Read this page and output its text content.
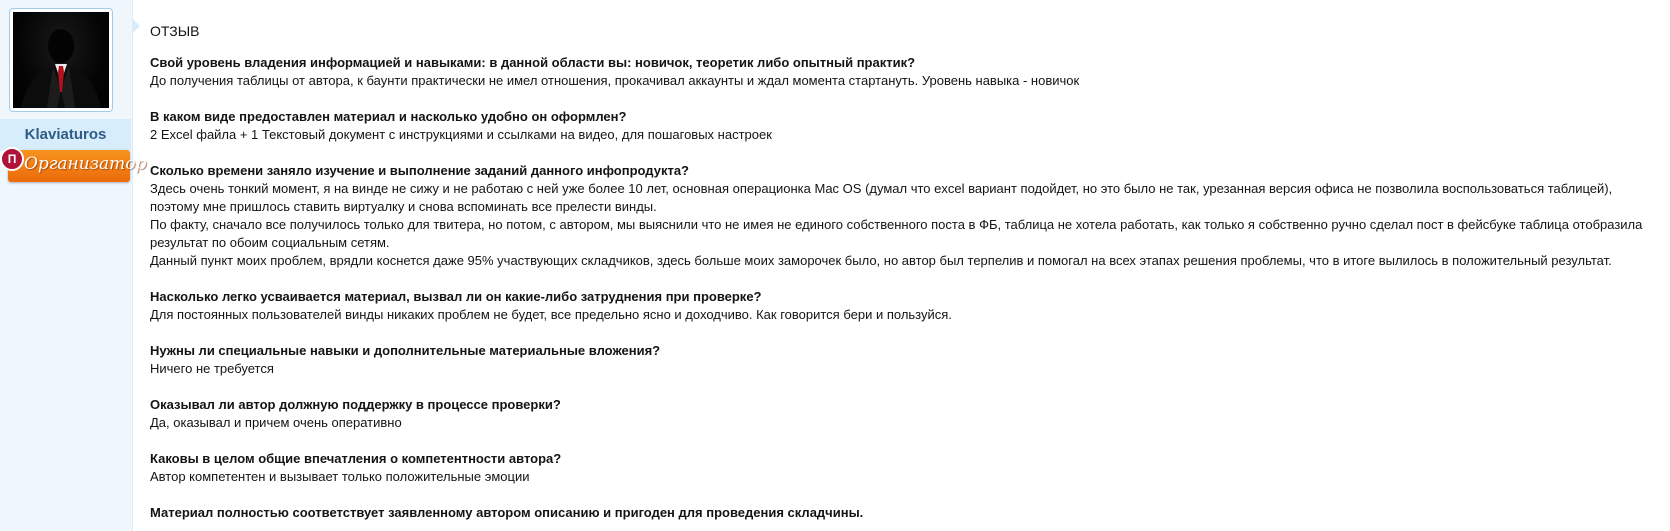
Klaviaturos
П Организатор
ОТЗЫВ
Свой уровень владения информацией и навыками: в данной области вы: новичок, теоретик либо опытный практик?
До получения таблицы от автора, к баунти практически не имел отношения, прокачивал аккаунты и ждал момента стартануть. Уровень навыка - новичок
В каком виде предоставлен материал и насколько удобно он оформлен?
2 Excel файла + 1 Текстовый документ с инструкциями и ссылками на видео, для пошаговых настроек
Сколько времени заняло изучение и выполнение заданий данного инфопродукта?
Здесь очень тонкий момент, я на винде не сижу и не работаю с ней уже более 10 лет, основная операционка Mac OS (думал что excel вариант подойдет, но это было не так, урезанная версия офиса не позволила воспользоваться таблицей),
поэтому мне пришлось ставить виртуалку и снова вспоминать все прелести винды.
По факту, сначало все получилось только для твитера, но потом, с автором, мы выяснили что не имея не единого собственного поста в ФБ, таблица не хотела работать, как только я собственно ручно сделал пост в фейсбуке таблица отобразила
результат по обоим социальным сетям.
Данный пункт моих проблем, врядли коснется даже 95% участвующих складчиков, здесь больше моих заморочек было, но автор был терпелив и помогал на всех этапах решения проблемы, что в итоге вылилось в положительный результат.
Насколько легко усваивается материал, вызвал ли он какие-либо затруднения при проверке?
Для постоянных пользователей винды никаких проблем не будет, все предельно ясно и доходчиво. Как говорится бери и пользуйся.
Нужны ли специальные навыки и дополнительные материальные вложения?
Ничего не требуется
Оказывал ли автор должную поддержку в процессе проверки?
Да, оказывал и причем очень оперативно
Каковы в целом общие впечатления о компетентности автора?
Автор компетентен и вызывает только положительные эмоции
Материал полностью соответствует заявленному автором описанию и пригоден для проведения складчины.
